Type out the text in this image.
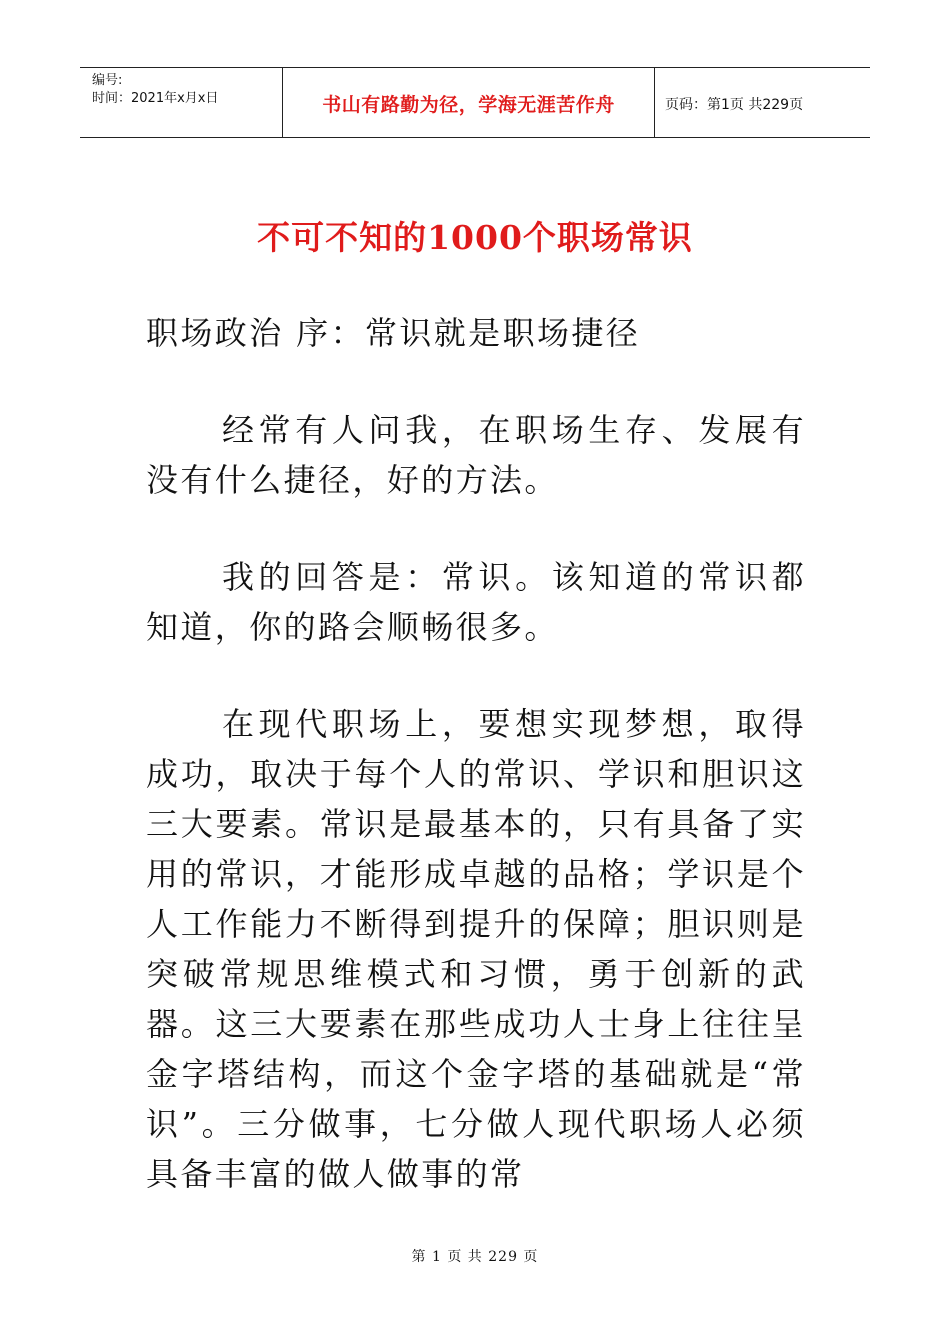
编号:
时间：2021年x月x日	书山有路勤为径，学海无涯苦作舟	页码：第1页 共229页
不可不知的1000个职场常识

职场政治 序：常识就是职场捷径

经常有人问我，在职场生存、发展有没有什么捷径，好的方法。

我的回答是：常识。该知道的常识都知道，你的路会顺畅很多。

在现代职场上，要想实现梦想，取得成功，取决于每个人的常识、学识和胆识这三大要素。常识是最基本的，只有具备了实用的常识，才能形成卓越的品格；学识是个人工作能力不断得到提升的保障；胆识则是突破常规思维模式和习惯，勇于创新的武器。这三大要素在那些成功人士身上往往呈金字塔结构，而这个金字塔的基础就是“常识”。三分做事，七分做人现代职场人必须具备丰富的做人做事的常

第 1 页 共 229 页
